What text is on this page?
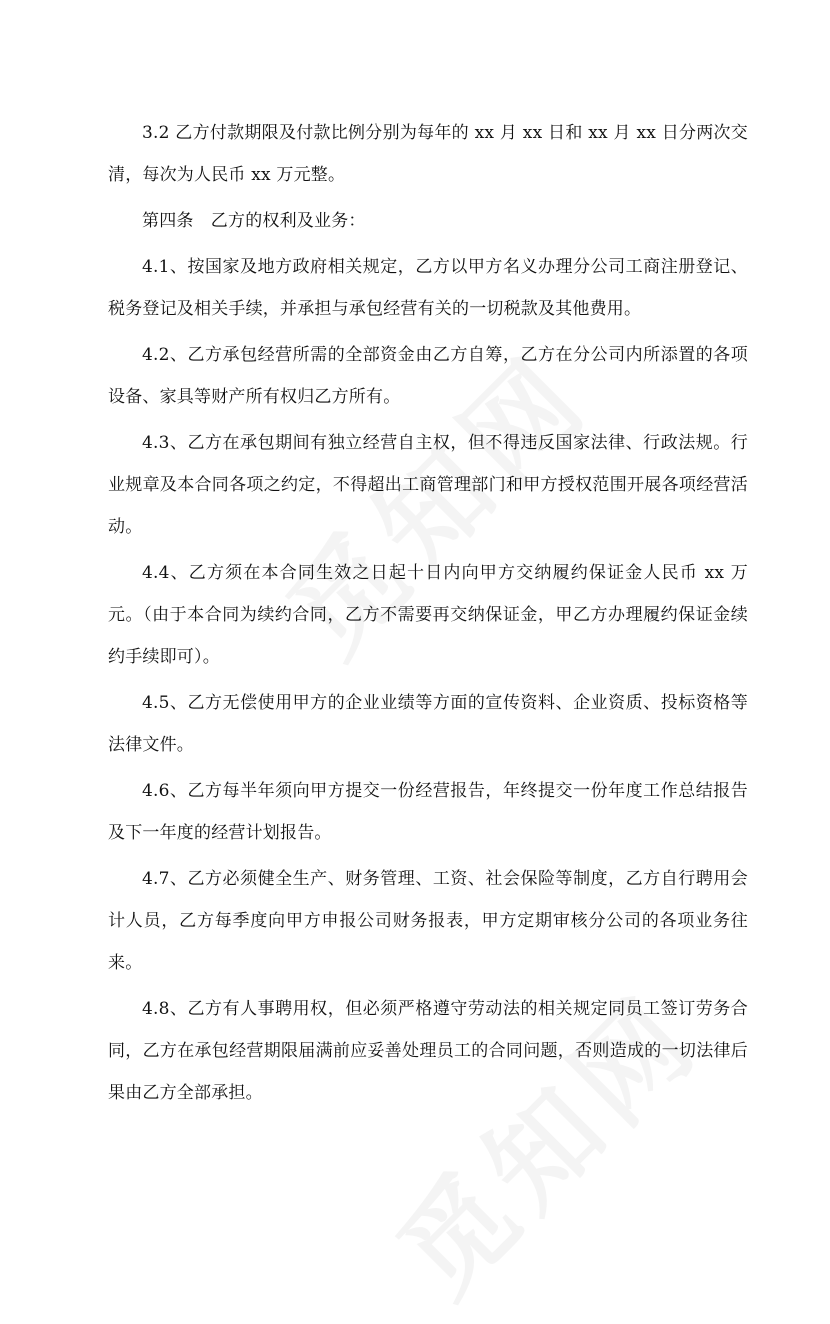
3.2 乙方付款期限及付款比例分别为每年的 xx 月 xx 日和 xx 月 xx 日分两次交清，每次为人民币 xx 万元整。

第四条　乙方的权利及业务：

4.1、按国家及地方政府相关规定，乙方以甲方名义办理分公司工商注册登记、税务登记及相关手续，并承担与承包经营有关的一切税款及其他费用。

4.2、乙方承包经营所需的全部资金由乙方自筹，乙方在分公司内所添置的各项设备、家具等财产所有权归乙方所有。

4.3、乙方在承包期间有独立经营自主权，但不得违反国家法律、行政法规。行业规章及本合同各项之约定，不得超出工商管理部门和甲方授权范围开展各项经营活动。

4.4、乙方须在本合同生效之日起十日内向甲方交纳履约保证金人民币 xx 万元。（由于本合同为续约合同，乙方不需要再交纳保证金，甲乙方办理履约保证金续约手续即可）。

4.5、乙方无偿使用甲方的企业业绩等方面的宣传资料、企业资质、投标资格等法律文件。

4.6、乙方每半年须向甲方提交一份经营报告，年终提交一份年度工作总结报告及下一年度的经营计划报告。

4.7、乙方必须健全生产、财务管理、工资、社会保险等制度，乙方自行聘用会计人员，乙方每季度向甲方申报公司财务报表，甲方定期审核分公司的各项业务往来。

4.8、乙方有人事聘用权，但必须严格遵守劳动法的相关规定同员工签订劳务合同，乙方在承包经营期限届满前应妥善处理员工的合同问题，否则造成的一切法律后果由乙方全部承担。
